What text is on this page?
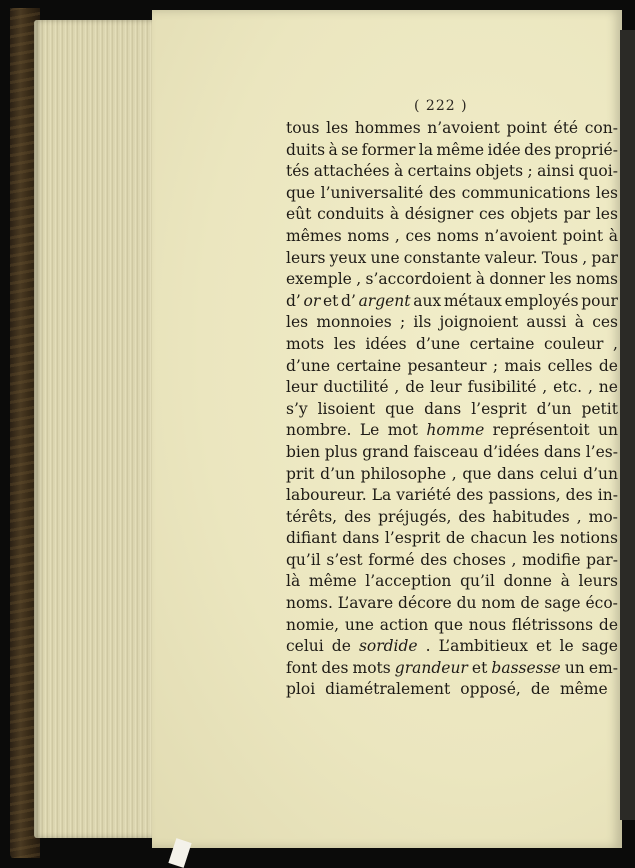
( 222 )
tous les hommes n’avoient point été con-
duits à se former la même idée des proprié-
tés attachées à certains objets ; ainsi quoi-
que l’universalité des communications les
eût conduits à désigner ces objets par les
mêmes noms , ces noms n’avoient point à
leurs yeux une constante valeur. Tous , par
exemple , s’accordoient à donner les noms
d’ or et d’ argent aux métaux employés pour
les monnoies ; ils joignoient aussi à ces
mots les idées d’une certaine couleur ,
d’une certaine pesanteur ; mais celles de
leur ductilité , de leur fusibilité , etc. , ne
s’y lisoient que dans l’esprit d’un petit
nombre. Le mot homme représentoit un
bien plus grand faisceau d’idées dans l’es-
prit d’un philosophe , que dans celui d’un
laboureur. La variété des passions, des in-
térêts, des préjugés, des habitudes , mo-
difiant dans l’esprit de chacun les notions
qu’il s’est formé des choses , modifie par-
là même l’acception qu’il donne à leurs
noms. L’avare décore du nom de sage éco-
nomie, une action que nous flétrissons de
celui de sordide . L’ambitieux et le sage
font des mots grandeur et bassesse un em-
ploi diamétralement opposé, de même
